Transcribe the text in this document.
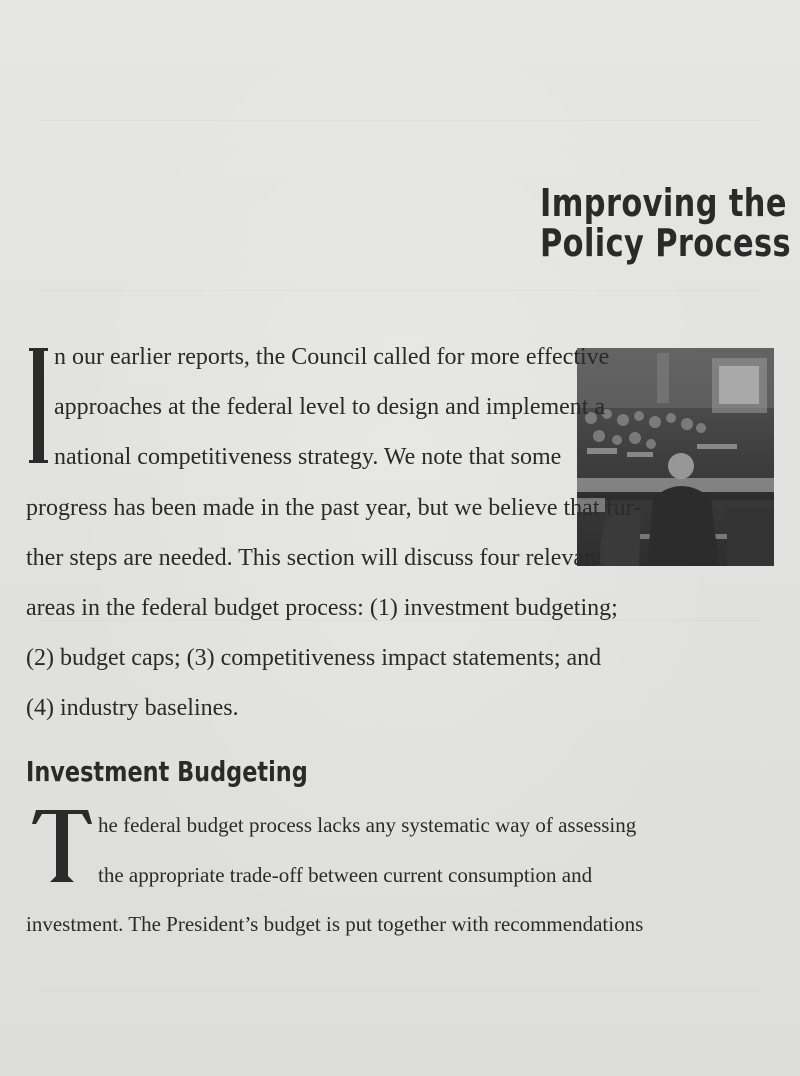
Improving the
Policy Process

n our earlier reports, the Council called for more effective

approaches at the federal level to design and implement a

national competitiveness strategy. We note that some

progress has been made in the past year, but we believe that fur-

ther steps are needed. This section will discuss four relevant

areas in the federal budget process: (1) investment budgeting;

(2) budget caps; (3) competitiveness impact statements; and

(4) industry baselines.

Investment Budgeting

he federal budget process lacks any systematic way of assessing

the appropriate trade-off between current consumption and

investment. The President’s budget is put together with recommendations
